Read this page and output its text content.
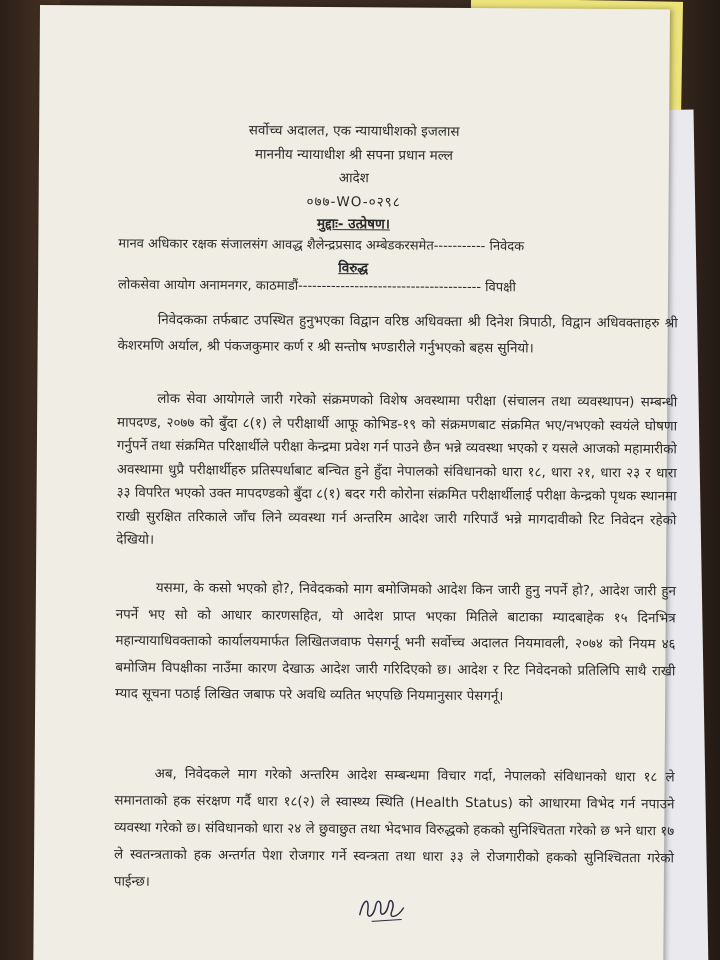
सर्वोच्च अदालत, एक न्यायाधीशको इजलास
माननीय न्यायाधीश श्री सपना प्रधान मल्ल
आदेश
०७७-WO-०२९८
मुद्दाः- उत्प्रेषण।
मानव अधिकार रक्षक संजालसंग आवद्ध शैलेन्द्रप्रसाद अम्बेडकरसमेत----------- निवेदक
विरुद्ध
लोकसेवा आयोग अनामनगर, काठमाडौं--------------------------------------- विपक्षी
निवेदकका तर्फबाट उपस्थित हुनुभएका विद्वान वरिष्ठ अधिवक्ता श्री दिनेश त्रिपाठी, विद्वान अधिवक्ताहरु श्री केशरमणि अर्याल, श्री पंकजकुमार कर्ण र श्री सन्तोष भण्डारीले गर्नुभएको बहस सुनियो।
लोक सेवा आयोगले जारी गरेको संक्रमणको विशेष अवस्थामा परीक्षा (संचालन तथा व्यवस्थापन) सम्बन्धी मापदण्ड, २०७७ को बुँदा ८(१) ले परीक्षार्थी आफू कोभिड-१९ को संक्रमणबाट संक्रमित भए/नभएको स्वयंले घोषणा गर्नुपर्ने तथा संक्रमित परिक्षार्थीले परीक्षा केन्द्रमा प्रवेश गर्न पाउने छैन भन्ने व्यवस्था भएको र यसले आजको महामारीको अवस्थामा धुप्रै परीक्षार्थीहरु प्रतिस्पर्धाबाट बन्चित हुने हुँदा नेपालको संविधानको धारा १८, धारा २१, धारा २३ र धारा ३३ विपरित भएको उक्त मापदण्डको बुँदा ८(१) बदर गरी कोरोना संक्रमित परीक्षार्थीलाई परीक्षा केन्द्रको पृथक स्थानमा राखी सुरक्षित तरिकाले जाँच लिने व्यवस्था गर्न अन्तरिम आदेश जारी गरिपाउँ भन्ने मागदावीको रिट निवेदन रहेको देखियो।
यसमा, के कसो भएको हो?, निवेदकको माग बमोजिमको आदेश किन जारी हुनु नपर्ने हो?, आदेश जारी हुन नपर्ने भए सो को आधार कारणसहित, यो आदेश प्राप्त भएका मितिले बाटाका म्यादबाहेक १५ दिनभित्र महान्यायाधिवक्ताको कार्यालयमार्फत लिखितजवाफ पेसगर्नू भनी सर्वोच्च अदालत नियमावली, २०७४ को नियम ४६ बमोजिम विपक्षीका नाउँमा कारण देखाऊ आदेश जारी गरिदिएको छ। आदेश र रिट निवेदनको प्रतिलिपि साथै राखी म्याद सूचना पठाई लिखित जबाफ परे अवधि व्यतित भएपछि नियमानुसार पेसगर्नू।
अब, निवेदकले माग गरेको अन्तरिम आदेश सम्बन्धमा विचार गर्दा, नेपालको संविधानको धारा १८ ले समानताको हक संरक्षण गर्दै धारा १८(२) ले स्वास्थ्य स्थिति (Health Status) को आधारमा विभेद गर्न नपाउने व्यवस्था गरेको छ। संविधानको धारा २४ ले छुवाछुत तथा भेदभाव विरुद्धको हकको सुनिश्चितता गरेको छ भने धारा १७ ले स्वतन्त्रताको हक अन्तर्गत पेशा रोजगार गर्ने स्वन्त्रता तथा धारा ३३ ले रोजगारीको हकको सुनिश्चितता गरेको पाईन्छ।
